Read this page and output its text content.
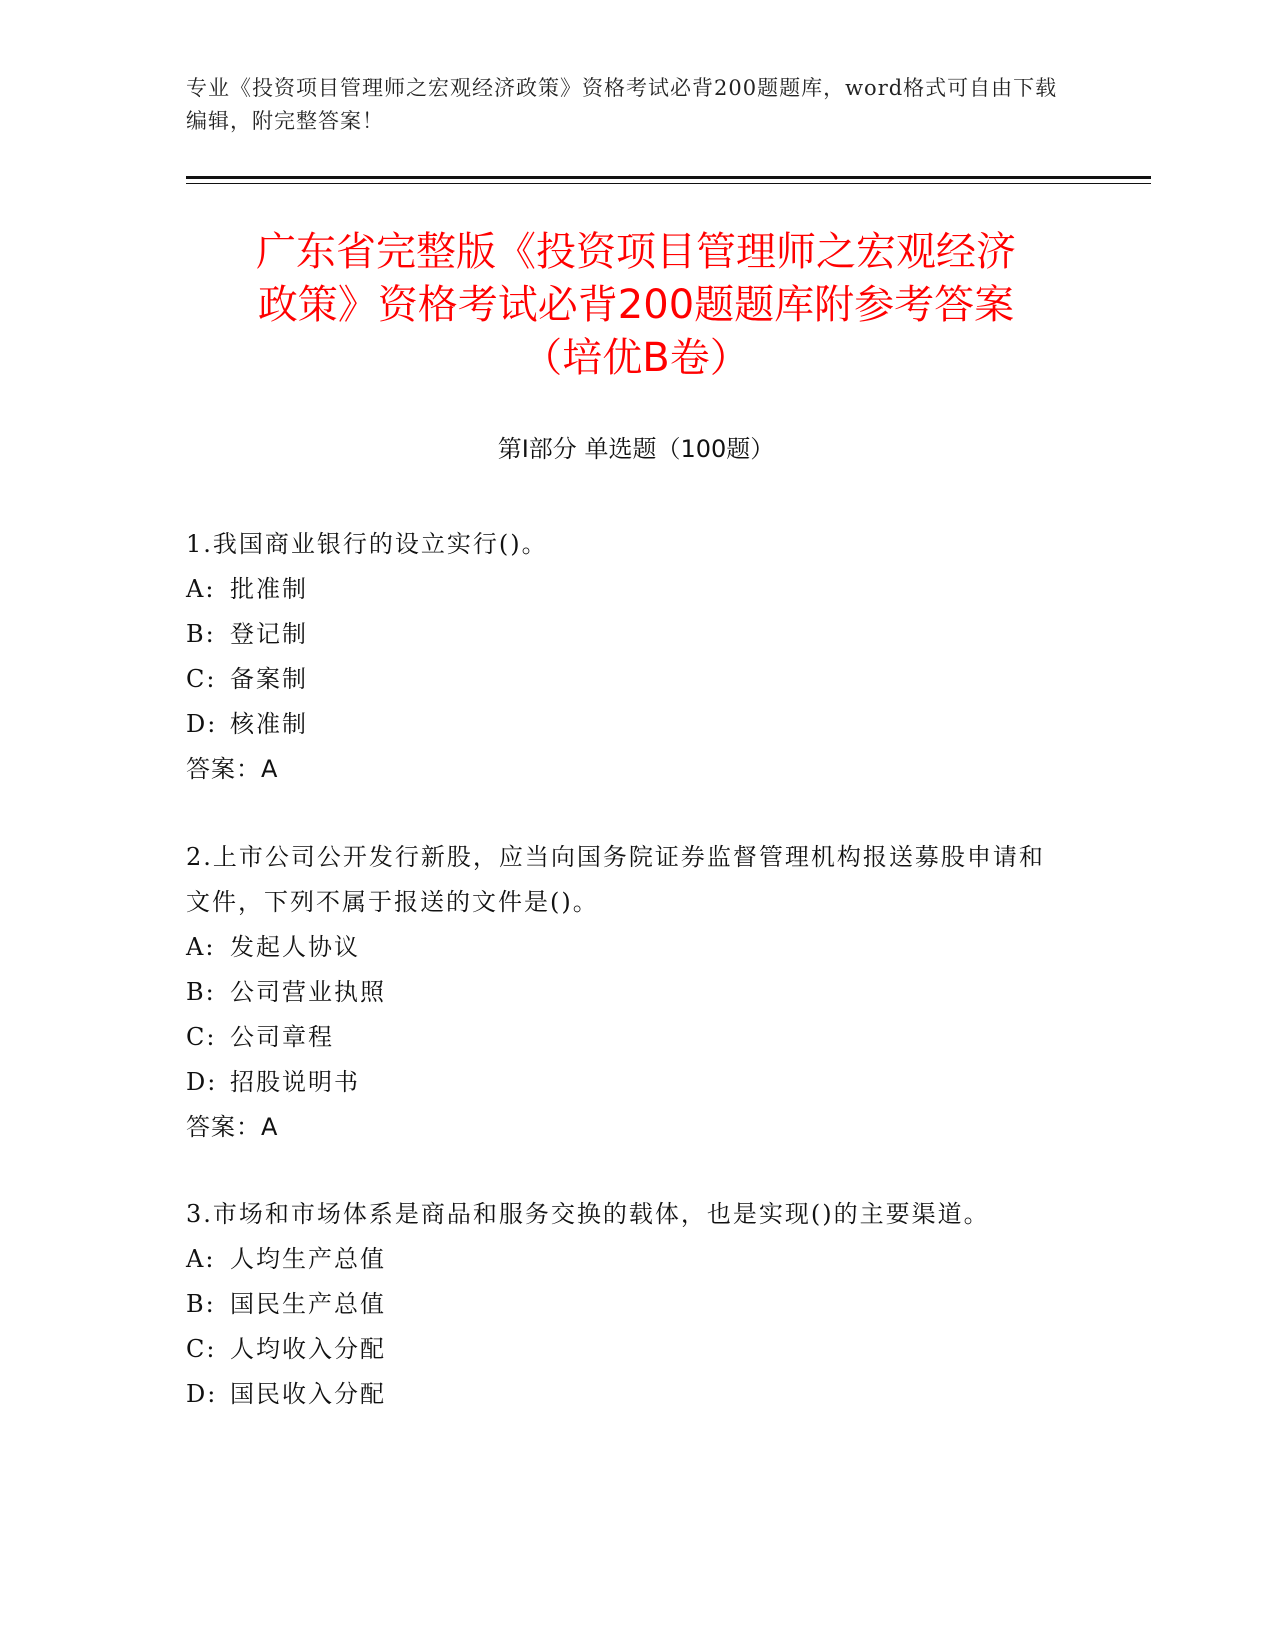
专业《投资项目管理师之宏观经济政策》资格考试必背200题题库，word格式可自由下载编辑，附完整答案！
广东省完整版《投资项目管理师之宏观经济
政策》资格考试必背200题题库附参考答案
（培优B卷）
第I部分 单选题（100题）
1.我国商业银行的设立实行()。
A: 批准制
B: 登记制
C: 备案制
D: 核准制
答案：A
2.上市公司公开发行新股，应当向国务院证券监督管理机构报送募股申请和文件，下列不属于报送的文件是()。
A: 发起人协议
B: 公司营业执照
C: 公司章程
D: 招股说明书
答案：A
3.市场和市场体系是商品和服务交换的载体，也是实现()的主要渠道。
A: 人均生产总值
B: 国民生产总值
C: 人均收入分配
D: 国民收入分配
